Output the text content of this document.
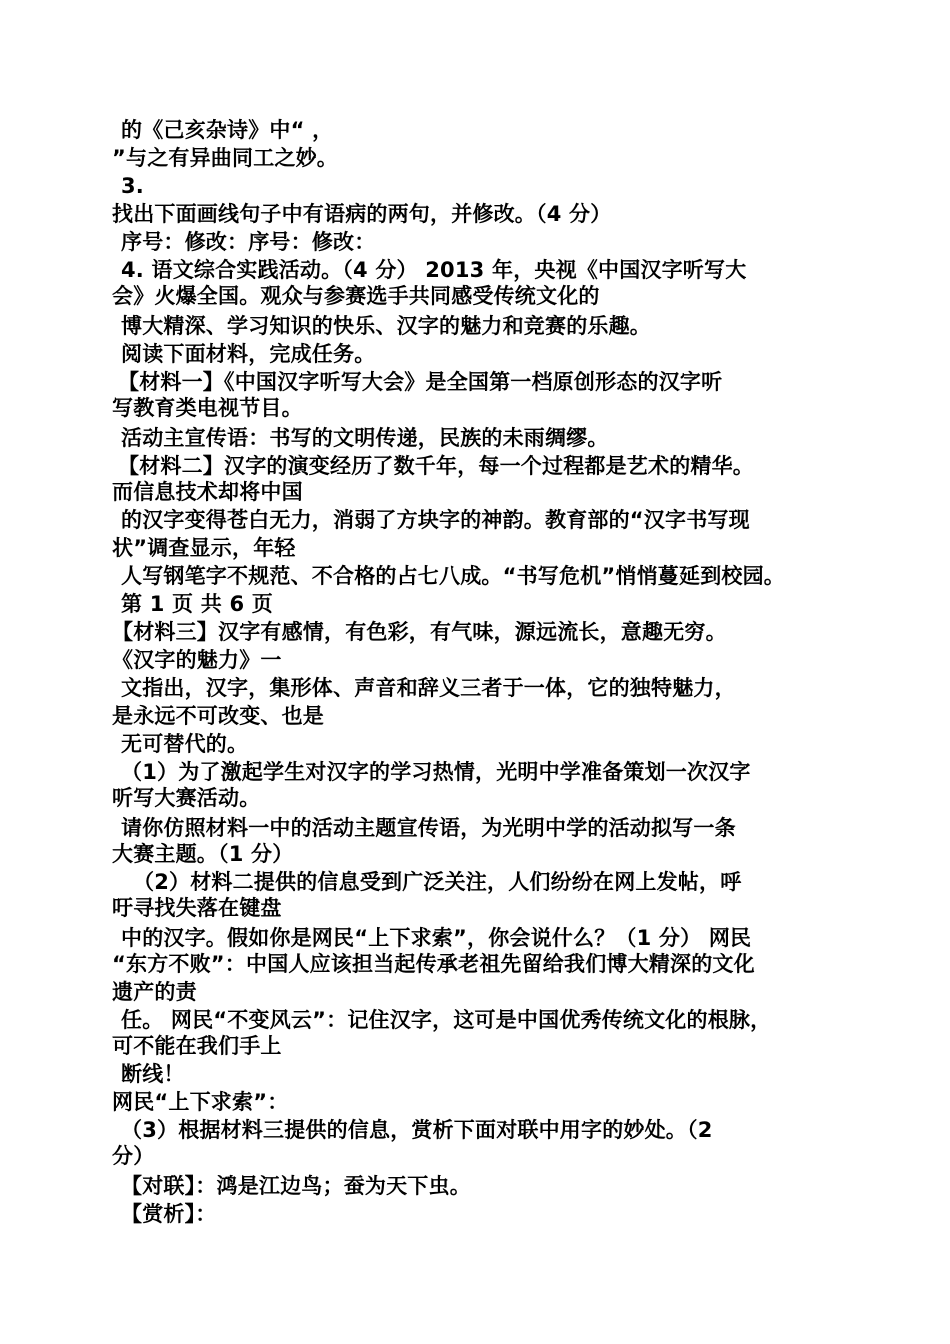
的《己亥杂诗》中“ ，
”与之有异曲同工之妙。
3.
找出下面画线句子中有语病的两句，并修改。（4 分）
序号：修改：序号：修改：
4. 语文综合实践活动。（4 分） 2013 年，央视《中国汉字听写大
会》火爆全国。观众与参赛选手共同感受传统文化的
博大精深、学习知识的快乐、汉字的魅力和竞赛的乐趣。
阅读下面材料，完成任务。
【材料一】《中国汉字听写大会》是全国第一档原创形态的汉字听
写教育类电视节目。
活动主宣传语：书写的文明传递，民族的未雨绸缪。
【材料二】汉字的演变经历了数千年，每一个过程都是艺术的精华。
而信息技术却将中国
的汉字变得苍白无力，消弱了方块字的神韵。教育部的“汉字书写现
状”调查显示，年轻
人写钢笔字不规范、不合格的占七八成。“书写危机”悄悄蔓延到校园。
第 1 页 共 6 页
【材料三】汉字有感情，有色彩，有气味，源远流长，意趣无穷。
《汉字的魅力》一
文指出，汉字，集形体、声音和辞义三者于一体，它的独特魅力，
是永远不可改变、也是
无可替代的。
（1）为了激起学生对汉字的学习热情，光明中学准备策划一次汉字
听写大赛活动。
请你仿照材料一中的活动主题宣传语，为光明中学的活动拟写一条
大赛主题。（1 分）
（2）材料二提供的信息受到广泛关注，人们纷纷在网上发帖，呼
吁寻找失落在键盘
中的汉字。假如你是网民“上下求索”，你会说什么？（1 分） 网民
“东方不败”：中国人应该担当起传承老祖先留给我们博大精深的文化
遗产的责
任。 网民“不变风云”：记住汉字，这可是中国优秀传统文化的根脉，
可不能在我们手上
断线！
网民“上下求索”：
（3）根据材料三提供的信息，赏析下面对联中用字的妙处。（2
分）
【对联】：鸿是江边鸟；蚕为天下虫。
【赏析】：
